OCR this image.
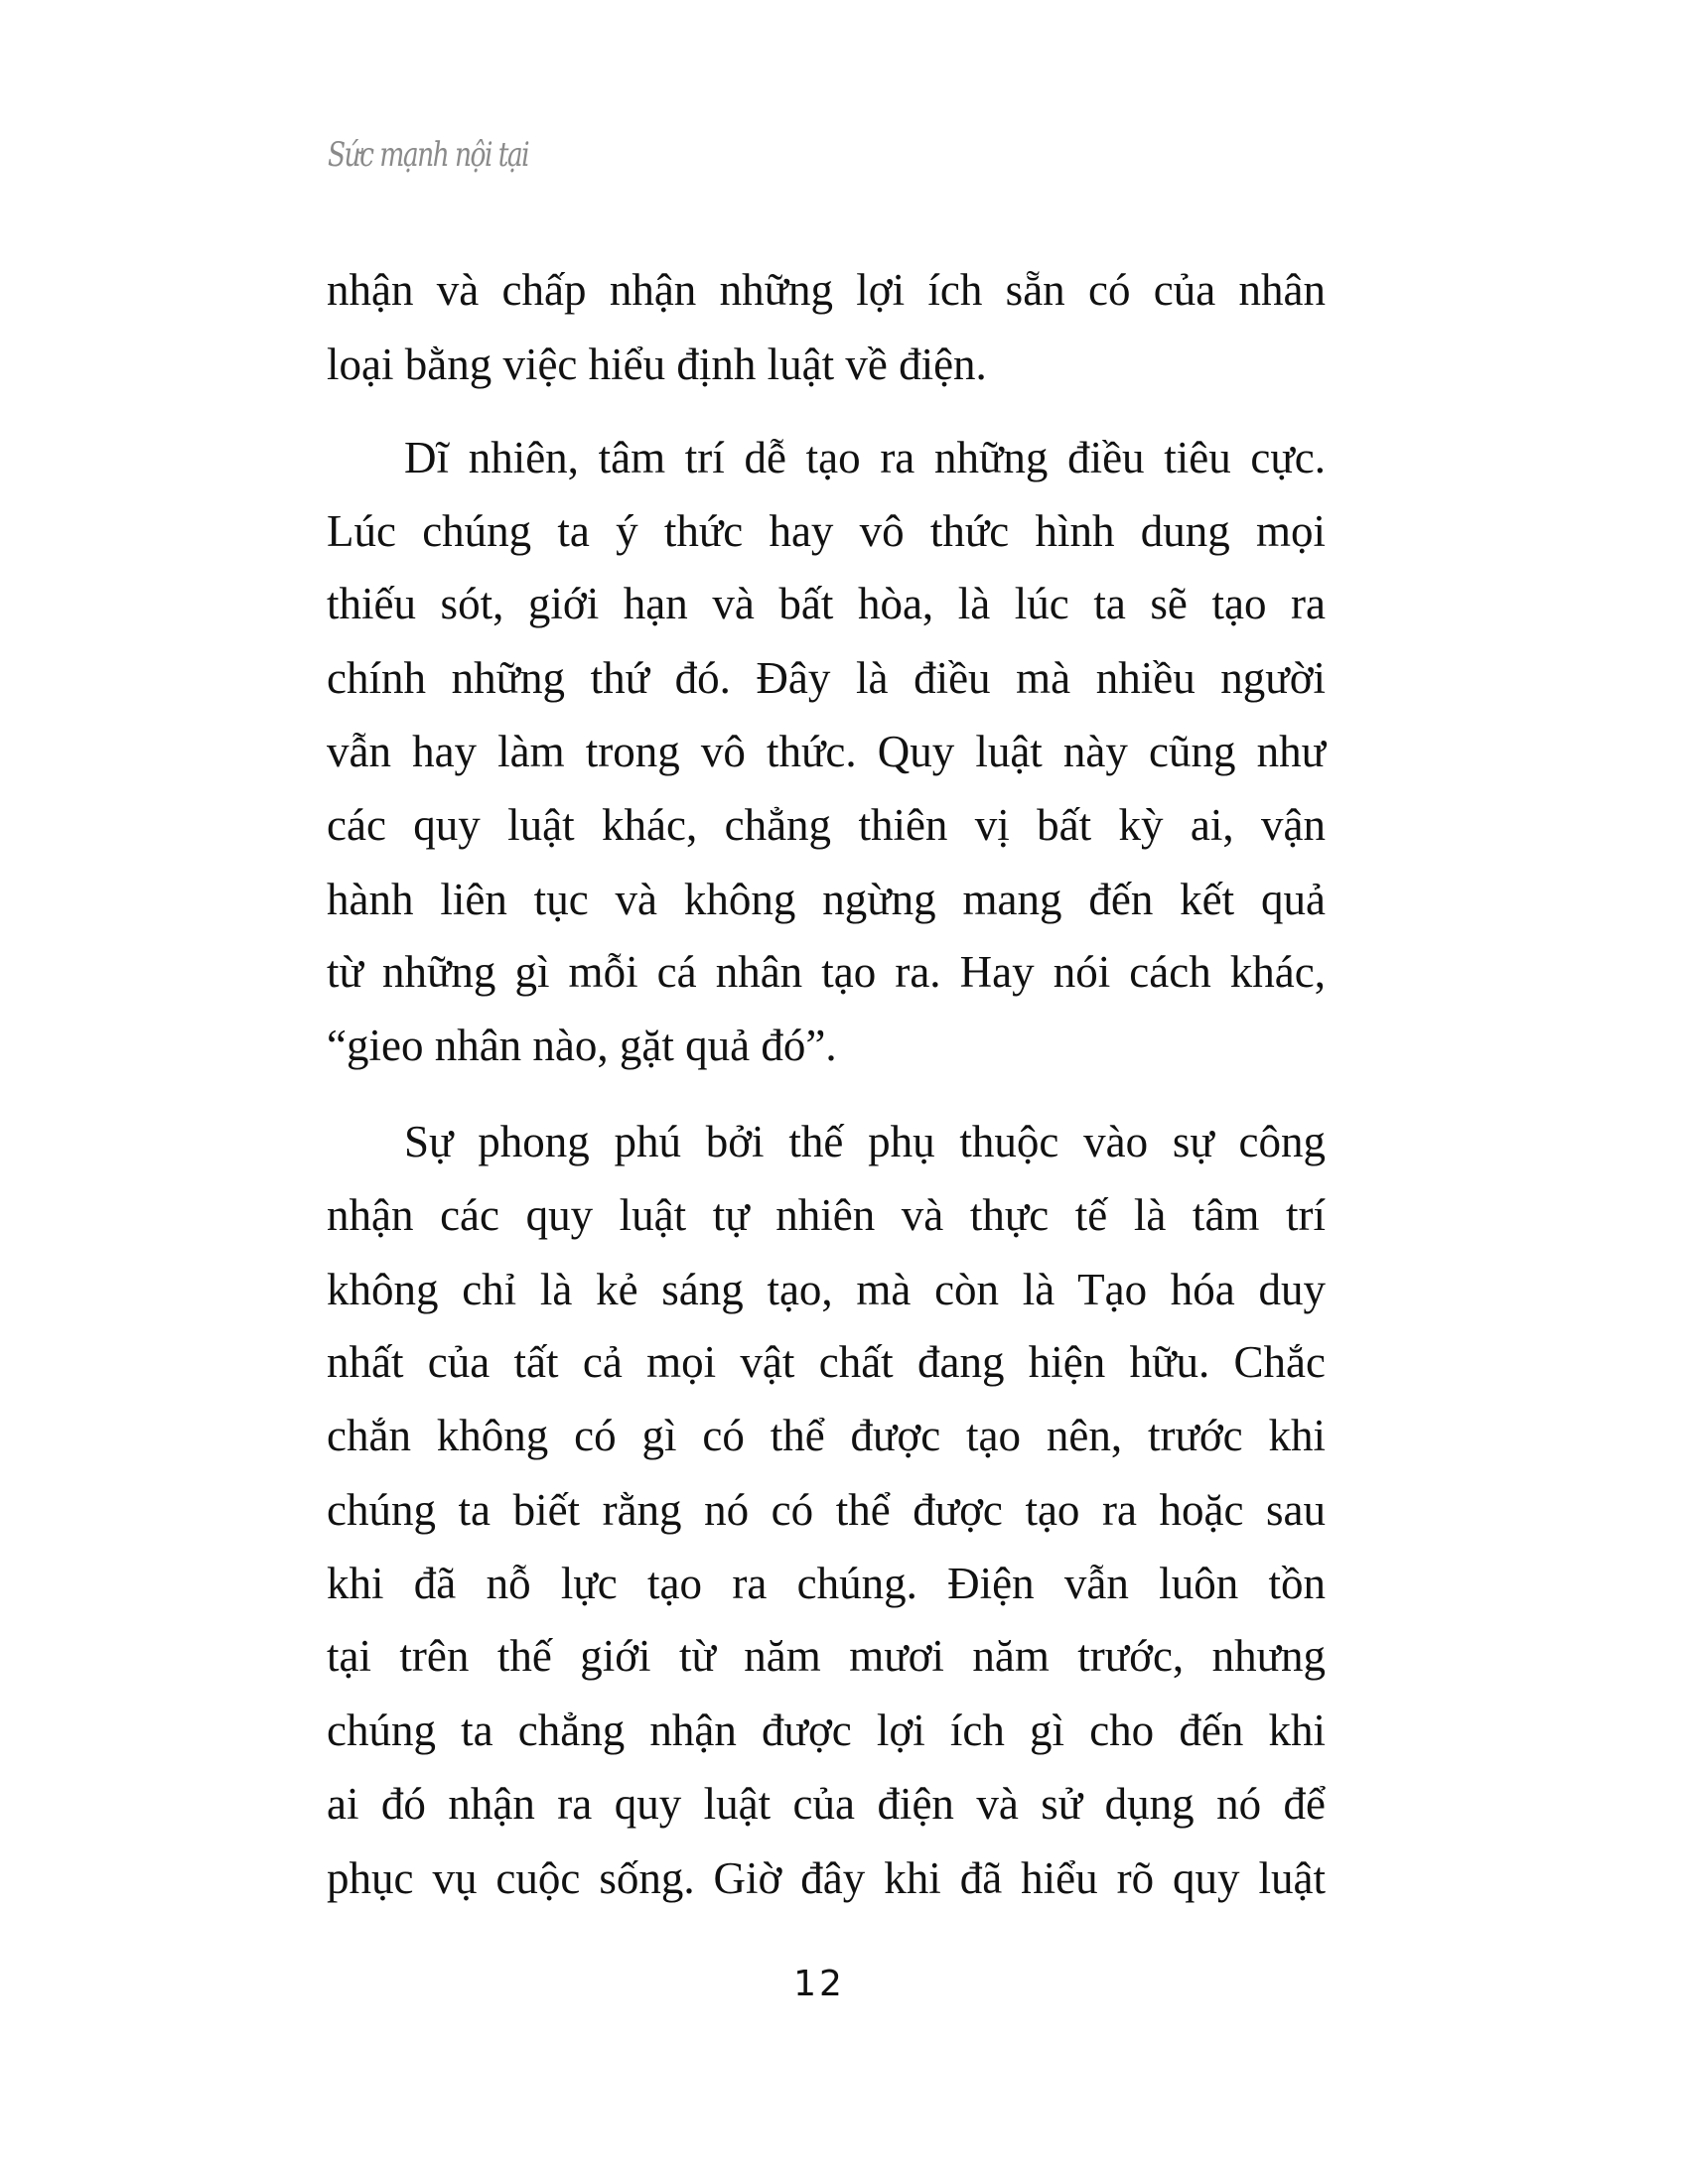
Sức mạnh nội tại
nhận và chấp nhận những lợi ích sẵn có của nhân
loại bằng việc hiểu định luật về điện.
Dĩ nhiên, tâm trí dễ tạo ra những điều tiêu cực.
Lúc chúng ta ý thức hay vô thức hình dung mọi
thiếu sót, giới hạn và bất hòa, là lúc ta sẽ tạo ra
chính những thứ đó. Đây là điều mà nhiều người
vẫn hay làm trong vô thức. Quy luật này cũng như
các quy luật khác, chẳng thiên vị bất kỳ ai, vận
hành liên tục và không ngừng mang đến kết quả
từ những gì mỗi cá nhân tạo ra. Hay nói cách khác,
“gieo nhân nào, gặt quả đó”.
Sự phong phú bởi thế phụ thuộc vào sự công
nhận các quy luật tự nhiên và thực tế là tâm trí
không chỉ là kẻ sáng tạo, mà còn là Tạo hóa duy
nhất của tất cả mọi vật chất đang hiện hữu. Chắc
chắn không có gì có thể được tạo nên, trước khi
chúng ta biết rằng nó có thể được tạo ra hoặc sau
khi đã nỗ lực tạo ra chúng. Điện vẫn luôn tồn
tại trên thế giới từ năm mươi năm trước, nhưng
chúng ta chẳng nhận được lợi ích gì cho đến khi
ai đó nhận ra quy luật của điện và sử dụng nó để
phục vụ cuộc sống. Giờ đây khi đã hiểu rõ quy luật
12
